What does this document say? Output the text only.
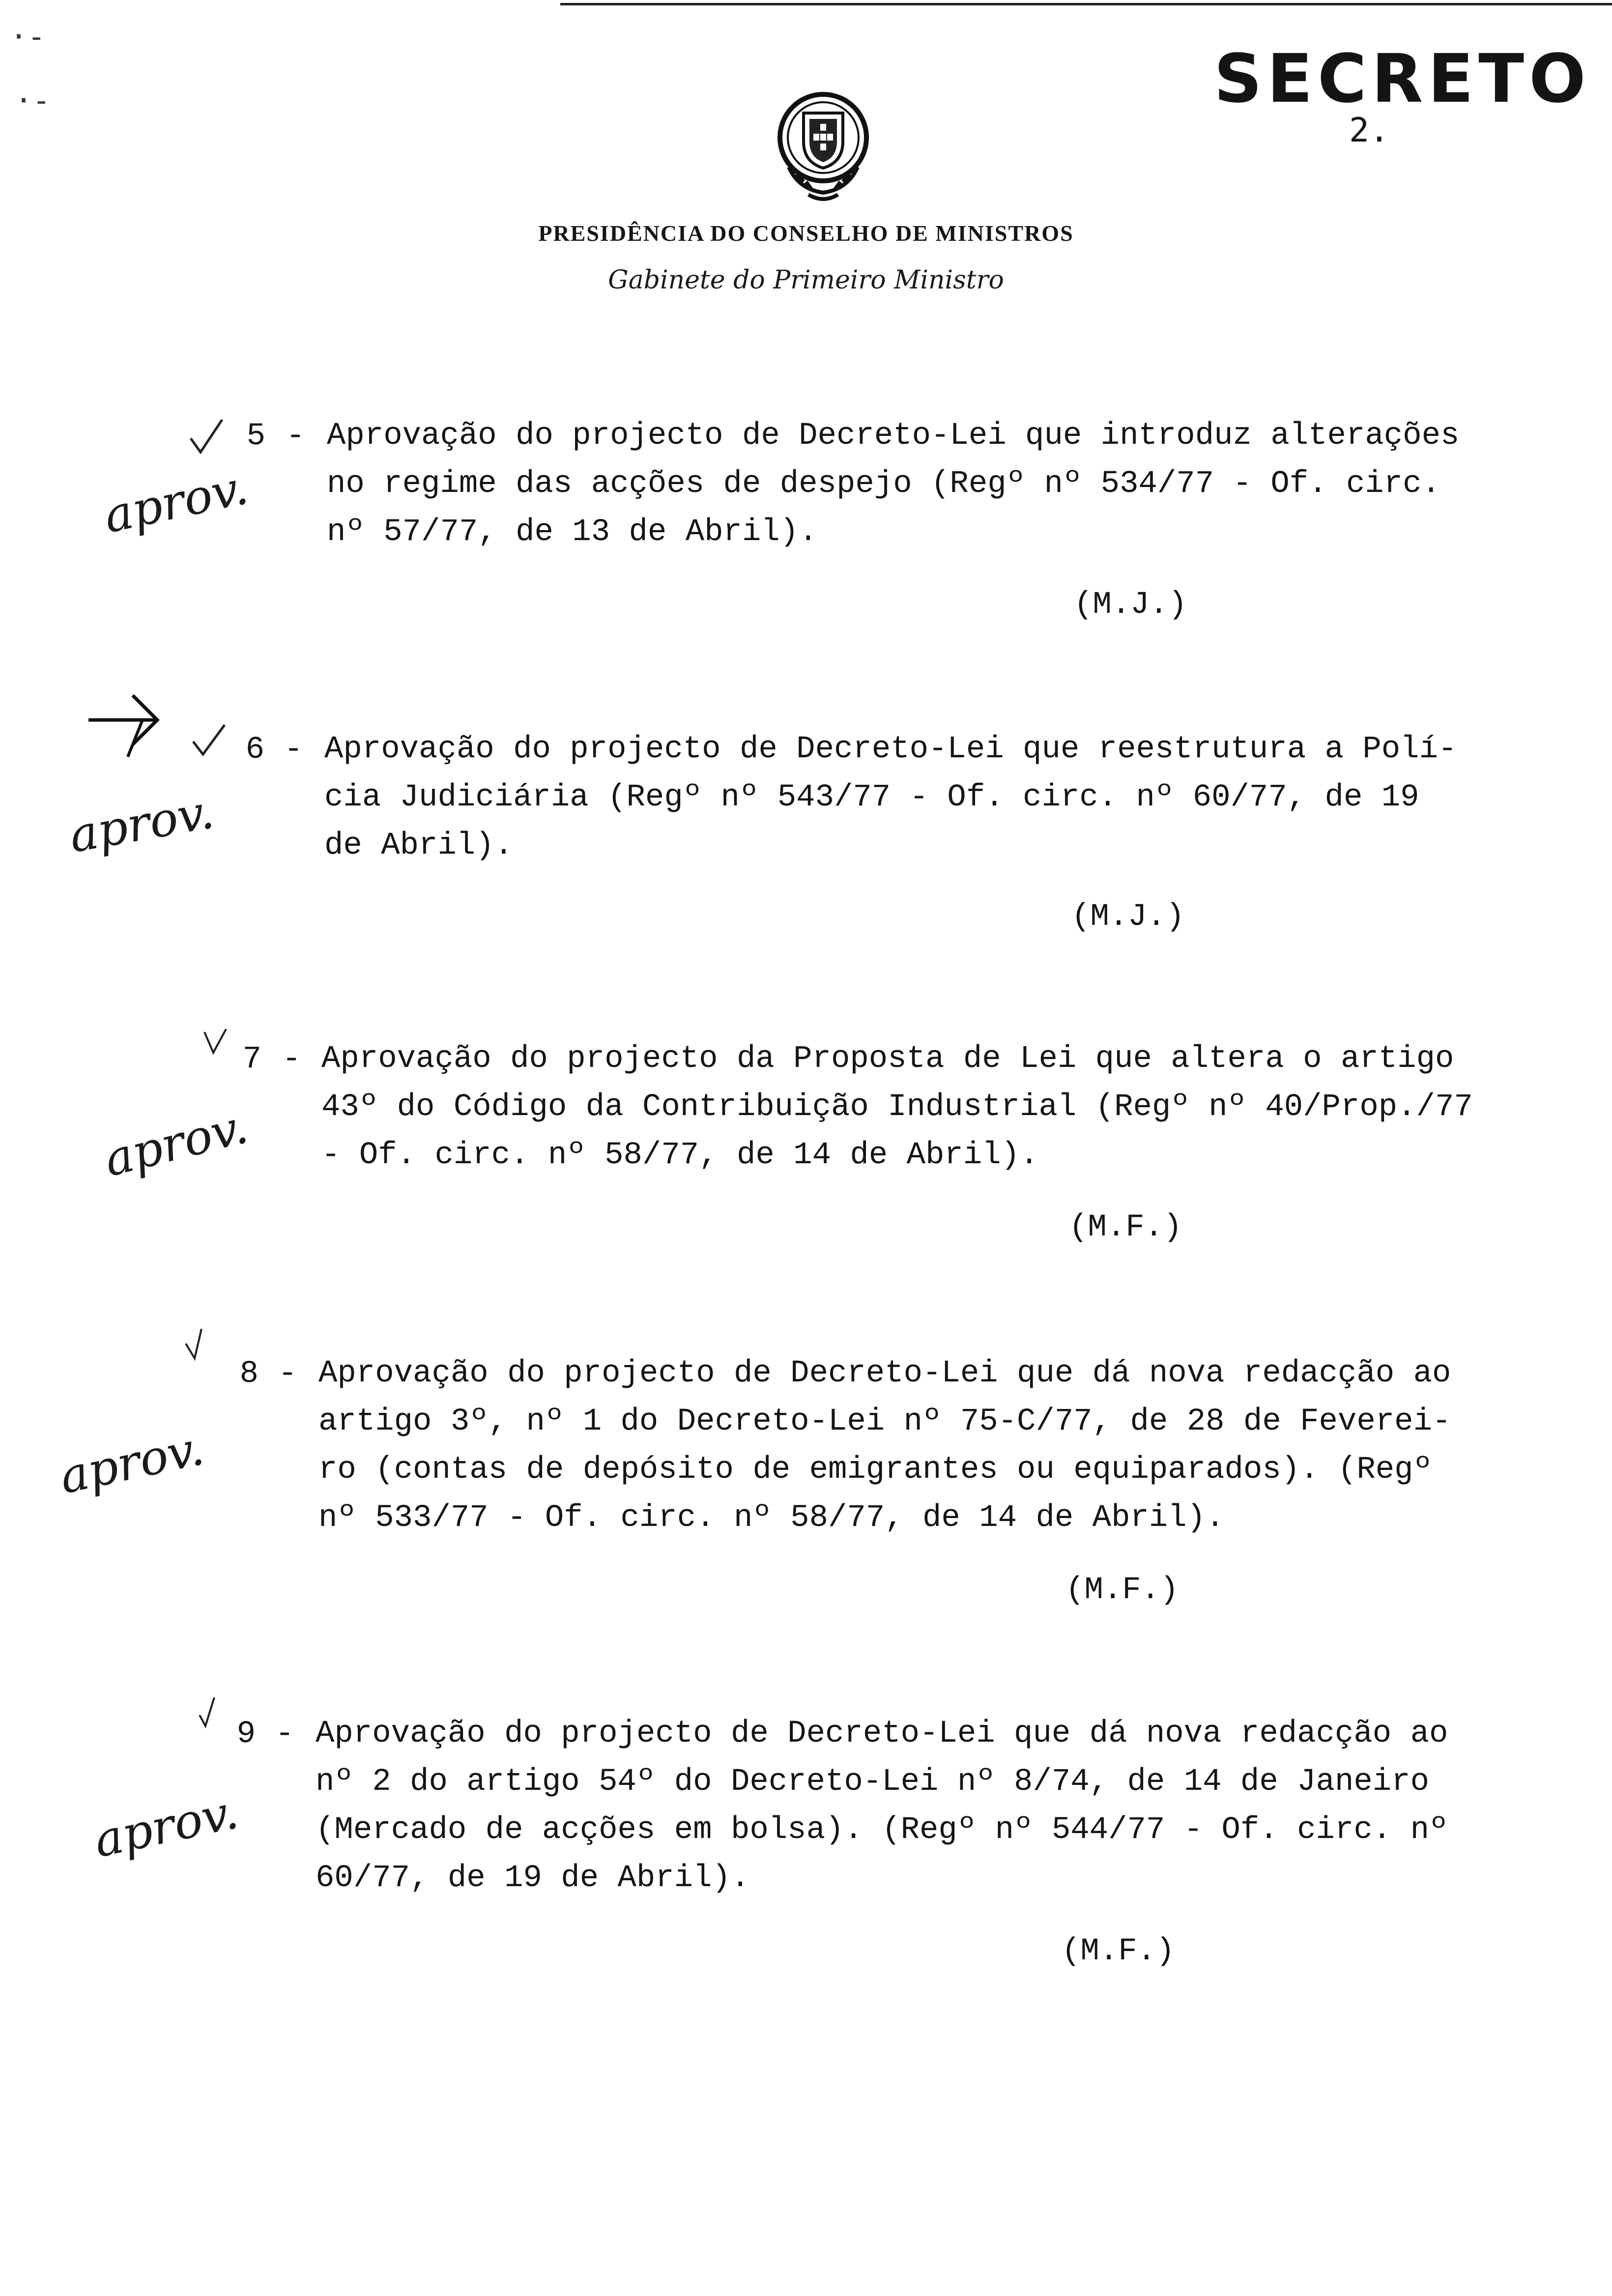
·-
·-	SECRETO
2.
PRESIDÊNCIA DO CONSELHO DE MINISTROS
Gabinete do Primeiro Ministro
5 - Aprovação do projecto de Decreto-Lei que introduz alterações
no regime das acções de despejo (Regº nº 534/77 - Of. circ.
nº 57/77, de 13 de Abril).
(M.J.)
aprov.
6 - Aprovação do projecto de Decreto-Lei que reestrutura a Polí-
cia Judiciária (Regº nº 543/77 - Of. circ. nº 60/77, de 19
de Abril).
(M.J.)
aprov.
7 - Aprovação do projecto da Proposta de Lei que altera o artigo
43º do Código da Contribuição Industrial (Regº nº 40/Prop./77
- Of. circ. nº 58/77, de 14 de Abril).
(M.F.)
aprov.
8 - Aprovação do projecto de Decreto-Lei que dá nova redacção ao
artigo 3º, nº 1 do Decreto-Lei nº 75-C/77, de 28 de Feverei-
ro (contas de depósito de emigrantes ou equiparados). (Regº
nº 533/77 - Of. circ. nº 58/77, de 14 de Abril).
(M.F.)
aprov.
9 - Aprovação do projecto de Decreto-Lei que dá nova redacção ao
nº 2 do artigo 54º do Decreto-Lei nº 8/74, de 14 de Janeiro
(Mercado de acções em bolsa). (Regº nº 544/77 - Of. circ. nº
60/77, de 19 de Abril).
(M.F.)
aprov.
